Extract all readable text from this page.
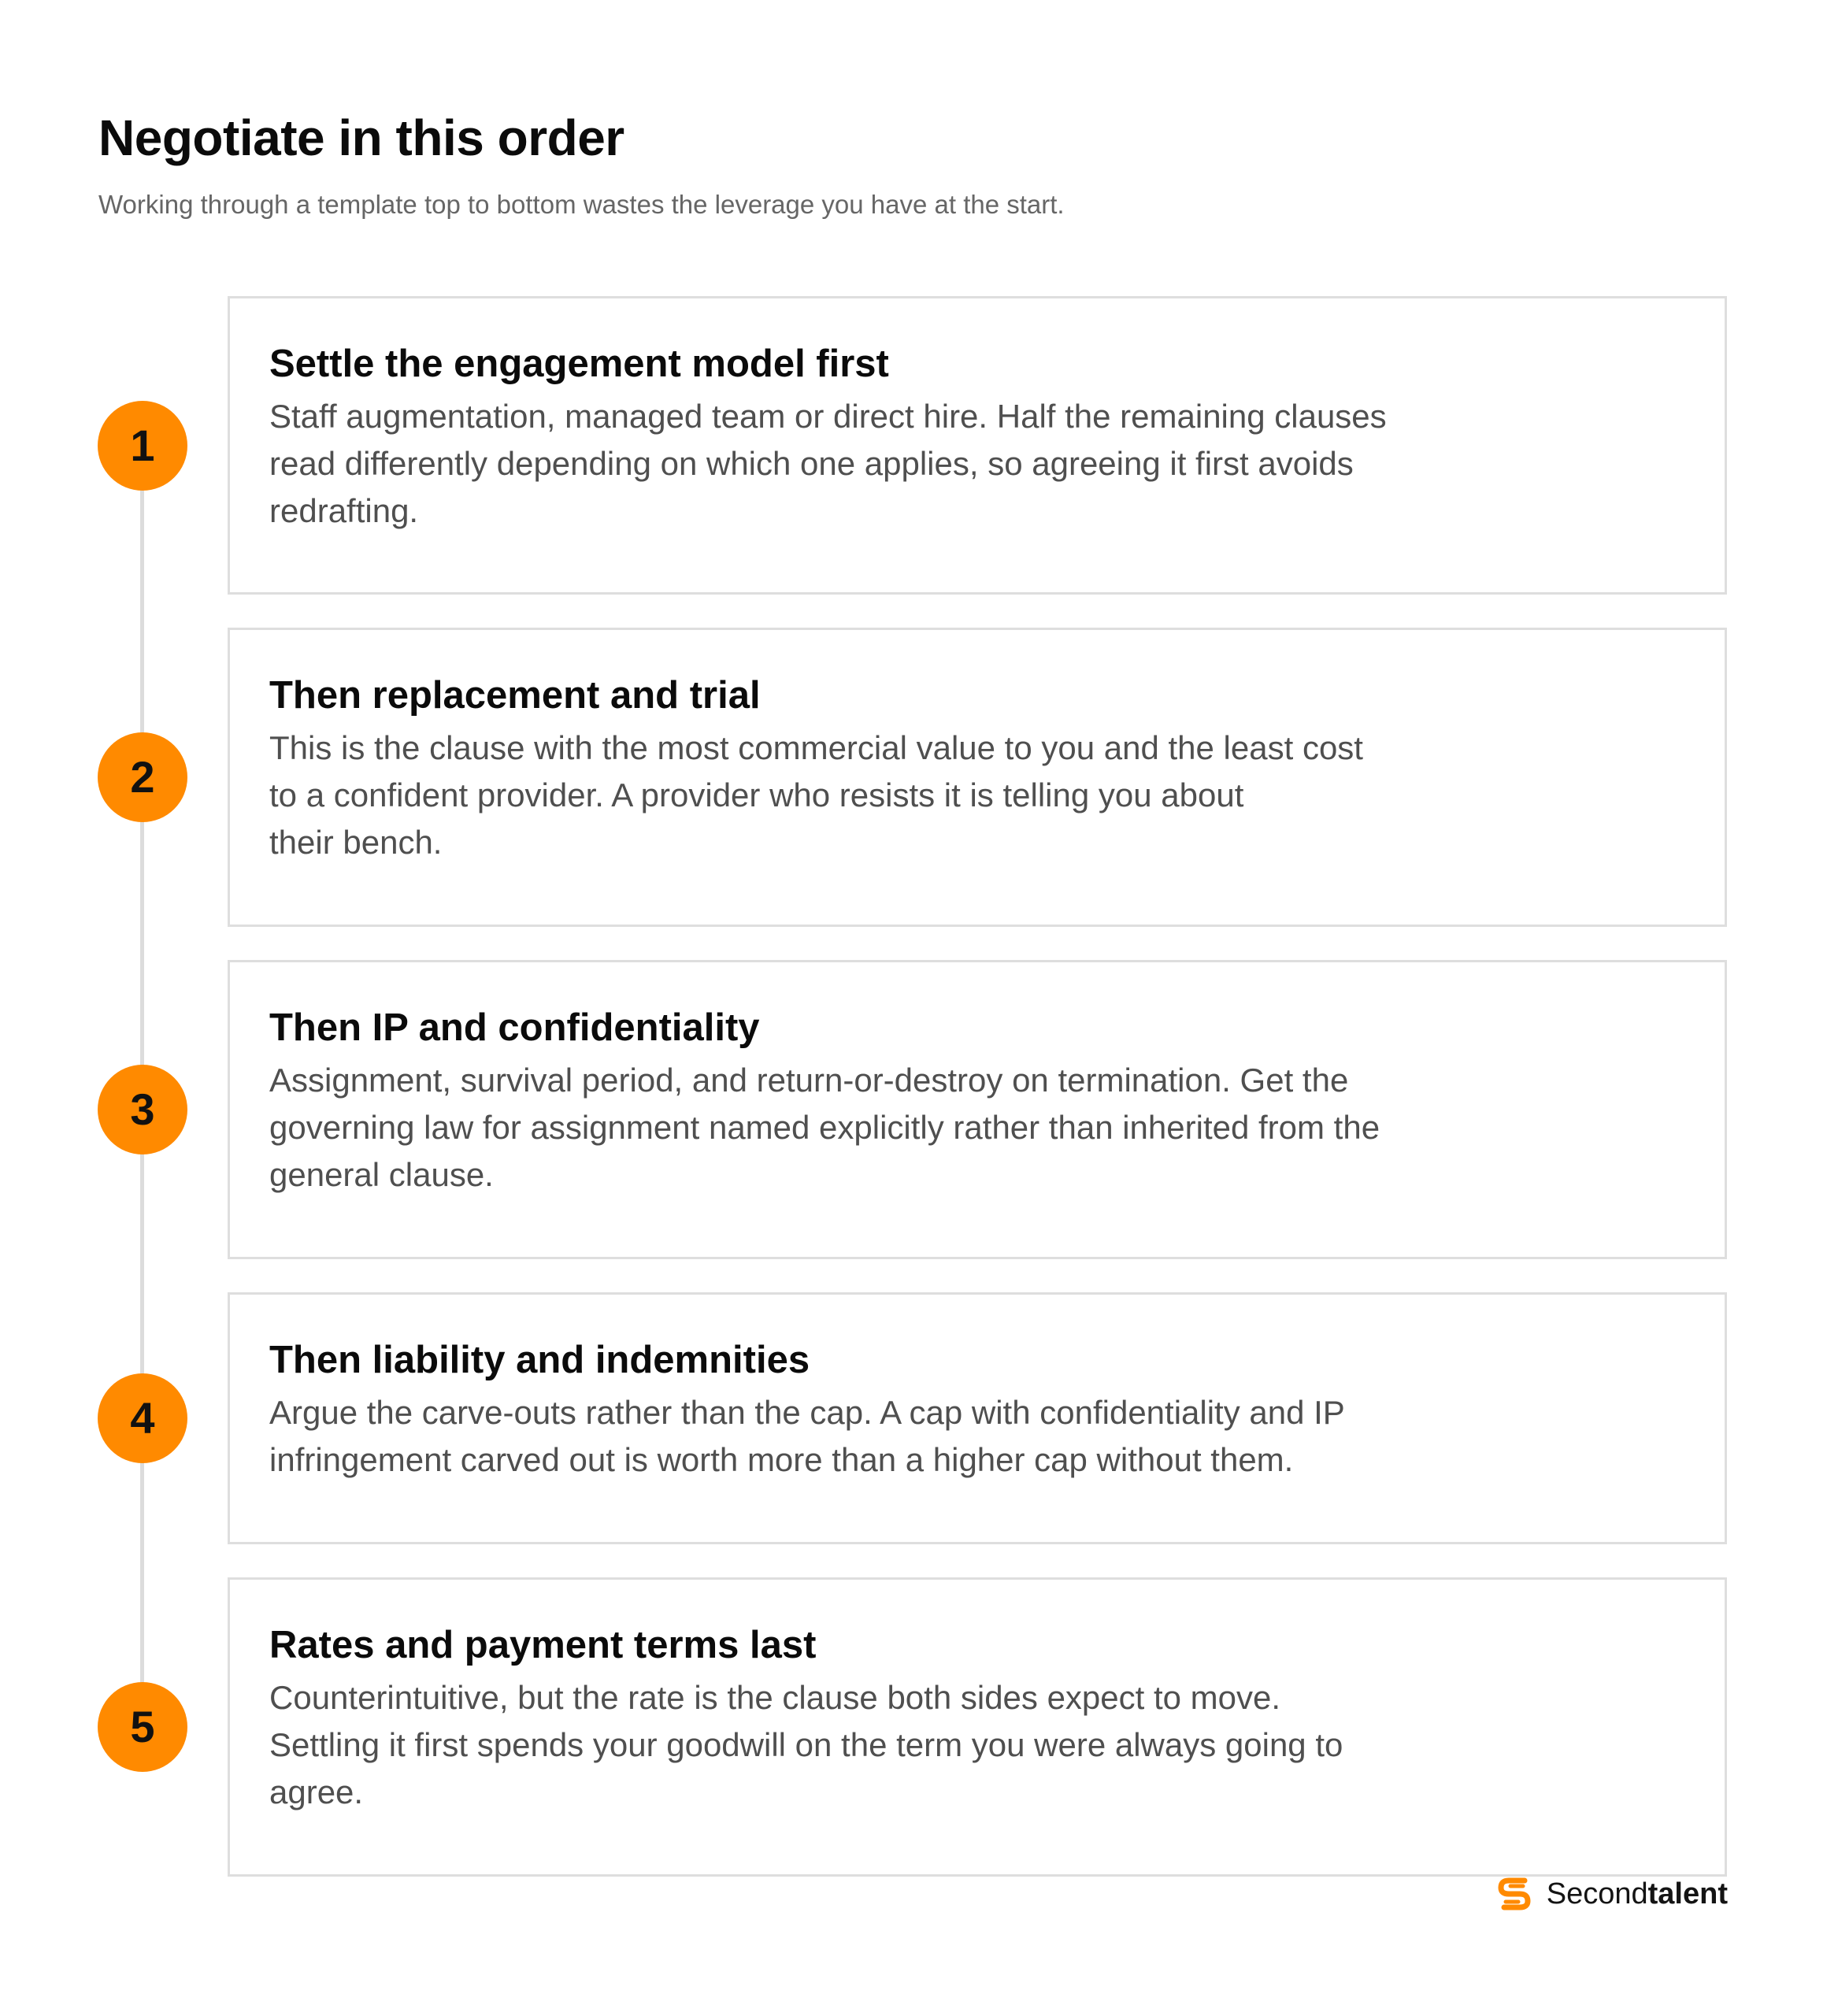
Negotiate in this order

Working through a template top to bottom wastes the leverage you have at the start.

Settle the engagement model first

Staff augmentation, managed team or direct hire. Half the remaining clauses
read differently depending on which one applies, so agreeing it first avoids
redrafting.

1
Then replacement and trial

This is the clause with the most commercial value to you and the least cost
to a confident provider. A provider who resists it is telling you about
their bench.

2
Then IP and confidentiality

Assignment, survival period, and return-or-destroy on termination. Get the
governing law for assignment named explicitly rather than inherited from the
general clause.

3
Then liability and indemnities

Argue the carve-outs rather than the cap. A cap with confidentiality and IP
infringement carved out is worth more than a higher cap without them.

4
Rates and payment terms last

Counterintuitive, but the rate is the clause both sides expect to move.
Settling it first spends your goodwill on the term you were always going to
agree.

5
Secondtalent
